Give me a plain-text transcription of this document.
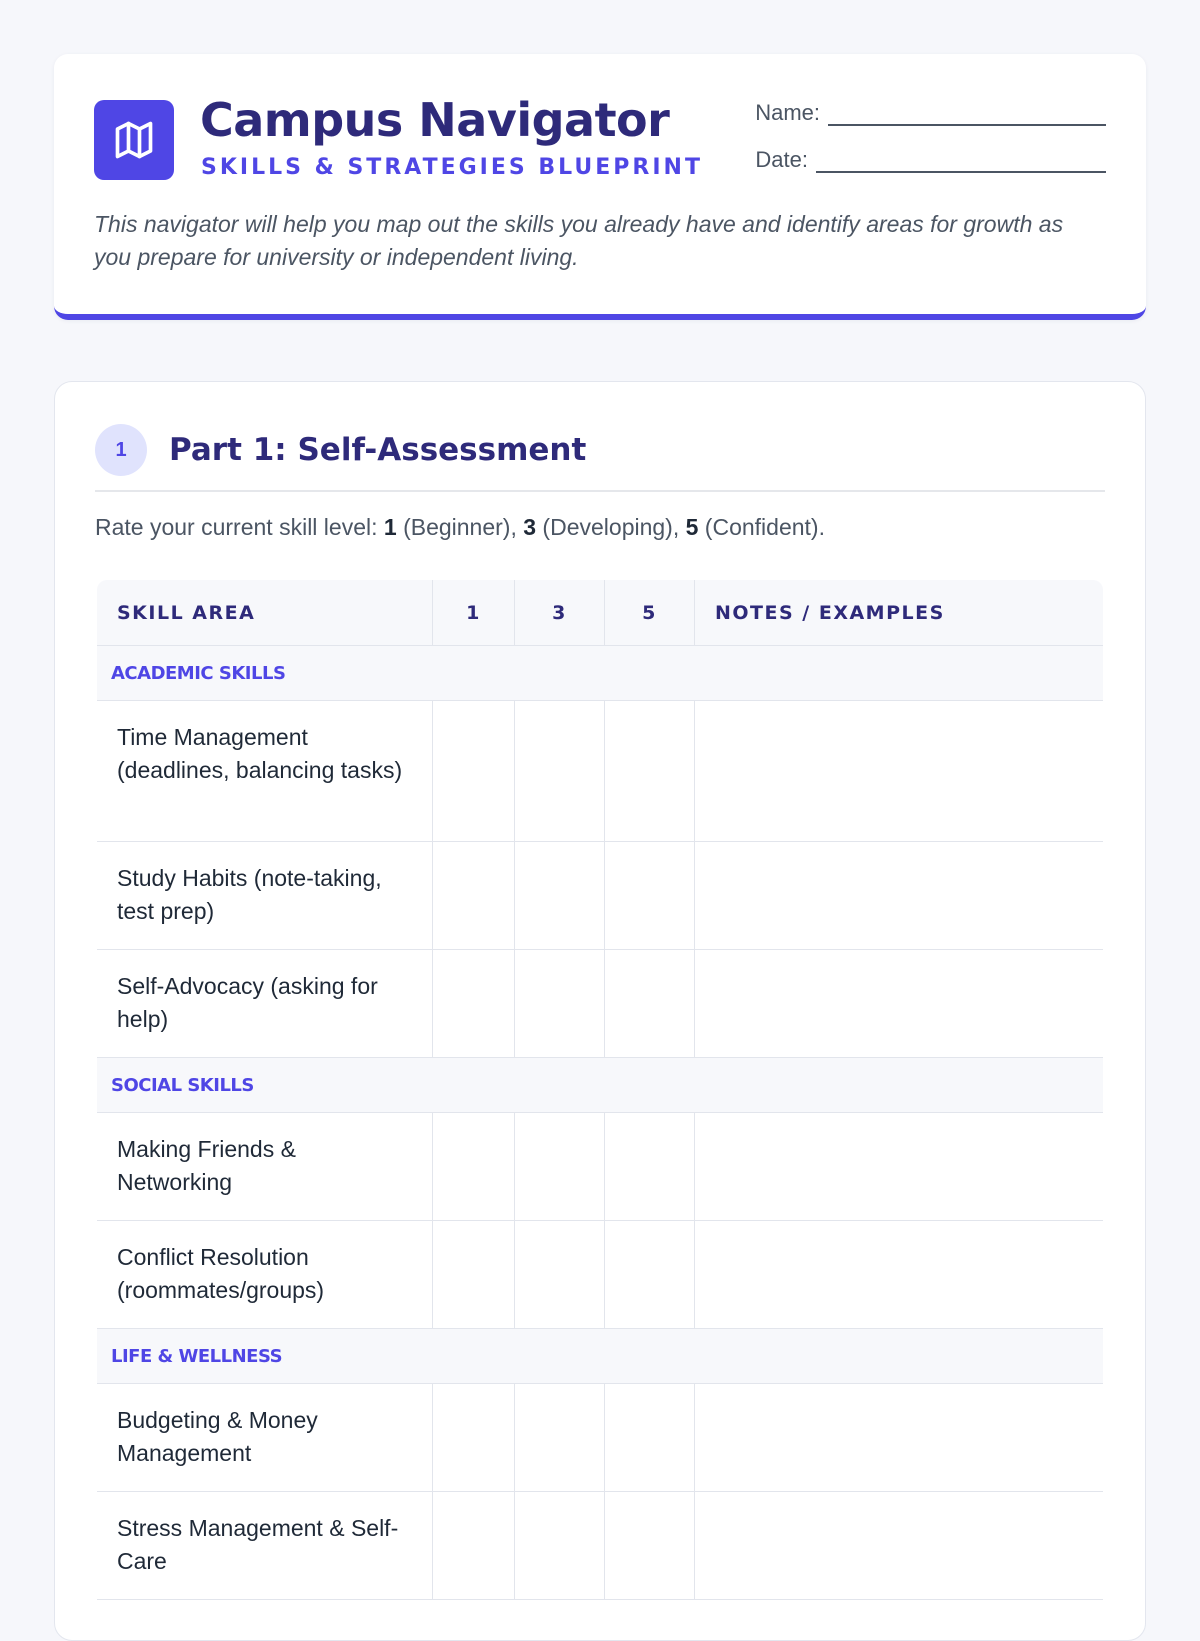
Campus Navigator
SKILLS & STRATEGIES BLUEPRINT
Name:
Date:
This navigator will help you map out the skills you already have and identify areas for growth as you prepare for university or independent living.
1	Part 1: Self-Assessment
Rate your current skill level: 1 (Beginner), 3 (Developing), 5 (Confident).
SKILL AREA	1	3	5	NOTES / EXAMPLES
ACADEMIC SKILLS				
Time Management (deadlines, balancing tasks)				
Study Habits (note-taking, test prep)				
Self-Advocacy (asking for help)				
SOCIAL SKILLS				
Making Friends & Networking				
Conflict Resolution (roommates/groups)				
LIFE & WELLNESS				
Budgeting & Money Management				
Stress Management & Self-Care				
